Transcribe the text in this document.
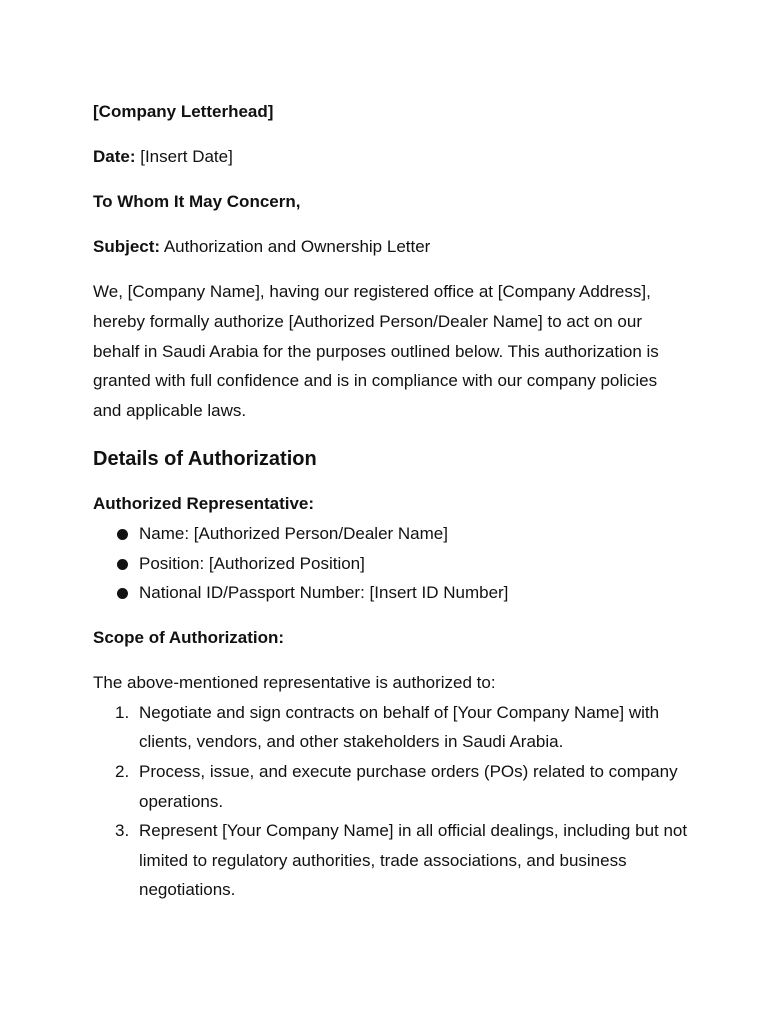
[Company Letterhead]

Date: [Insert Date]

To Whom It May Concern,

Subject: Authorization and Ownership Letter

We, [Company Name], having our registered office at [Company Address], hereby formally authorize [Authorized Person/Dealer Name] to act on our behalf in Saudi Arabia for the purposes outlined below. This authorization is granted with full confidence and is in compliance with our company policies and applicable laws.

Details of Authorization

Authorized Representative:

Name: [Authorized Person/Dealer Name]
Position: [Authorized Position]
National ID/Passport Number: [Insert ID Number]

Scope of Authorization:

The above-mentioned representative is authorized to:

1. Negotiate and sign contracts on behalf of [Your Company Name] with clients, vendors, and other stakeholders in Saudi Arabia.
2. Process, issue, and execute purchase orders (POs) related to company operations.
3. Represent [Your Company Name] in all official dealings, including but not limited to regulatory authorities, trade associations, and business negotiations.
